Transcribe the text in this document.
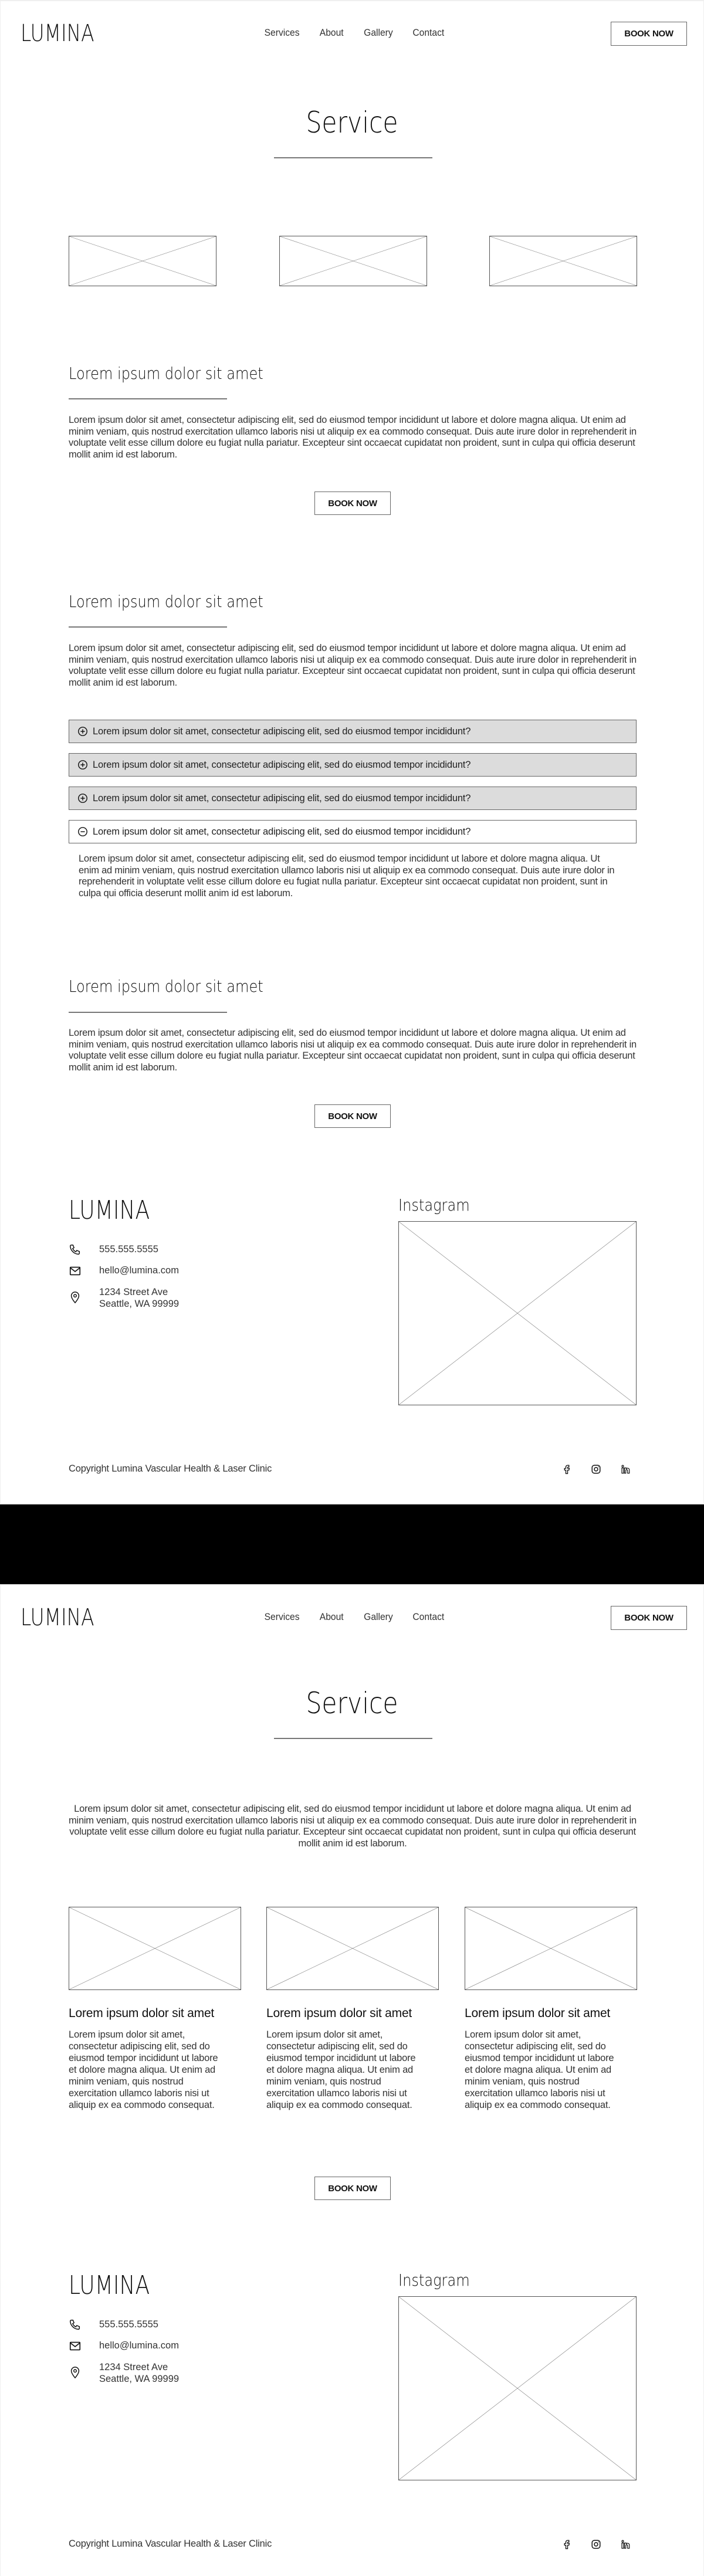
LUMINA	Services About Gallery Contact	BOOK NOW
Service
Lorem ipsum dolor sit amet

Lorem ipsum dolor sit amet, consectetur adipiscing elit, sed do eiusmod tempor incididunt ut labore et dolore magna aliqua. Ut enim ad minim veniam, quis nostrud exercitation ullamco laboris nisi ut aliquip ex ea commodo consequat. Duis aute irure dolor in reprehenderit in voluptate velit esse cillum dolore eu fugiat nulla pariatur. Excepteur sint occaecat cupidatat non proident, sunt in culpa qui officia deserunt mollit anim id est laborum.

BOOK NOW
Lorem ipsum dolor sit amet

Lorem ipsum dolor sit amet, consectetur adipiscing elit, sed do eiusmod tempor incididunt ut labore et dolore magna aliqua. Ut enim ad minim veniam, quis nostrud exercitation ullamco laboris nisi ut aliquip ex ea commodo consequat. Duis aute irure dolor in reprehenderit in voluptate velit esse cillum dolore eu fugiat nulla pariatur. Excepteur sint occaecat cupidatat non proident, sunt in culpa qui officia deserunt mollit anim id est laborum.

Lorem ipsum dolor sit amet, consectetur adipiscing elit, sed do eiusmod tempor incididunt?
Lorem ipsum dolor sit amet, consectetur adipiscing elit, sed do eiusmod tempor incididunt?
Lorem ipsum dolor sit amet, consectetur adipiscing elit, sed do eiusmod tempor incididunt?
Lorem ipsum dolor sit amet, consectetur adipiscing elit, sed do eiusmod tempor incididunt?

Lorem ipsum dolor sit amet, consectetur adipiscing elit, sed do eiusmod tempor incididunt ut labore et dolore magna aliqua. Ut enim ad minim veniam, quis nostrud exercitation ullamco laboris nisi ut aliquip ex ea commodo consequat. Duis aute irure dolor in reprehenderit in voluptate velit esse cillum dolore eu fugiat nulla pariatur. Excepteur sint occaecat cupidatat non proident, sunt in culpa qui officia deserunt mollit anim id est laborum.

Lorem ipsum dolor sit amet

Lorem ipsum dolor sit amet, consectetur adipiscing elit, sed do eiusmod tempor incididunt ut labore et dolore magna aliqua. Ut enim ad minim veniam, quis nostrud exercitation ullamco laboris nisi ut aliquip ex ea commodo consequat. Duis aute irure dolor in reprehenderit in voluptate velit esse cillum dolore eu fugiat nulla pariatur. Excepteur sint occaecat cupidatat non proident, sunt in culpa qui officia deserunt mollit anim id est laborum.

BOOK NOW
LUMINA
555.555.5555
hello@lumina.com
1234 Street Ave
Seattle, WA 99999
Instagram
Copyright Lumina Vascular Health & Laser Clinic
LUMINA	Services About Gallery Contact	BOOK NOW
Service

Lorem ipsum dolor sit amet, consectetur adipiscing elit, sed do eiusmod tempor incididunt ut labore et dolore magna aliqua. Ut enim ad minim veniam, quis nostrud exercitation ullamco laboris nisi ut aliquip ex ea commodo consequat. Duis aute irure dolor in reprehenderit in voluptate velit esse cillum dolore eu fugiat nulla pariatur. Excepteur sint occaecat cupidatat non proident, sunt in culpa qui officia deserunt mollit anim id est laborum.

Lorem ipsum dolor sit amet	Lorem ipsum dolor sit amet	Lorem ipsum dolor sit amet

Lorem ipsum dolor sit amet, consectetur adipiscing elit, sed do eiusmod tempor incididunt ut labore et dolore magna aliqua. Ut enim ad minim veniam, quis nostrud exercitation ullamco laboris nisi ut aliquip ex ea commodo consequat.

Lorem ipsum dolor sit amet, consectetur adipiscing elit, sed do eiusmod tempor incididunt ut labore et dolore magna aliqua. Ut enim ad minim veniam, quis nostrud exercitation ullamco laboris nisi ut aliquip ex ea commodo consequat.

Lorem ipsum dolor sit amet, consectetur adipiscing elit, sed do eiusmod tempor incididunt ut labore et dolore magna aliqua. Ut enim ad minim veniam, quis nostrud exercitation ullamco laboris nisi ut aliquip ex ea commodo consequat.

BOOK NOW
LUMINA
555.555.5555
hello@lumina.com
1234 Street Ave
Seattle, WA 99999
Instagram
Copyright Lumina Vascular Health & Laser Clinic
